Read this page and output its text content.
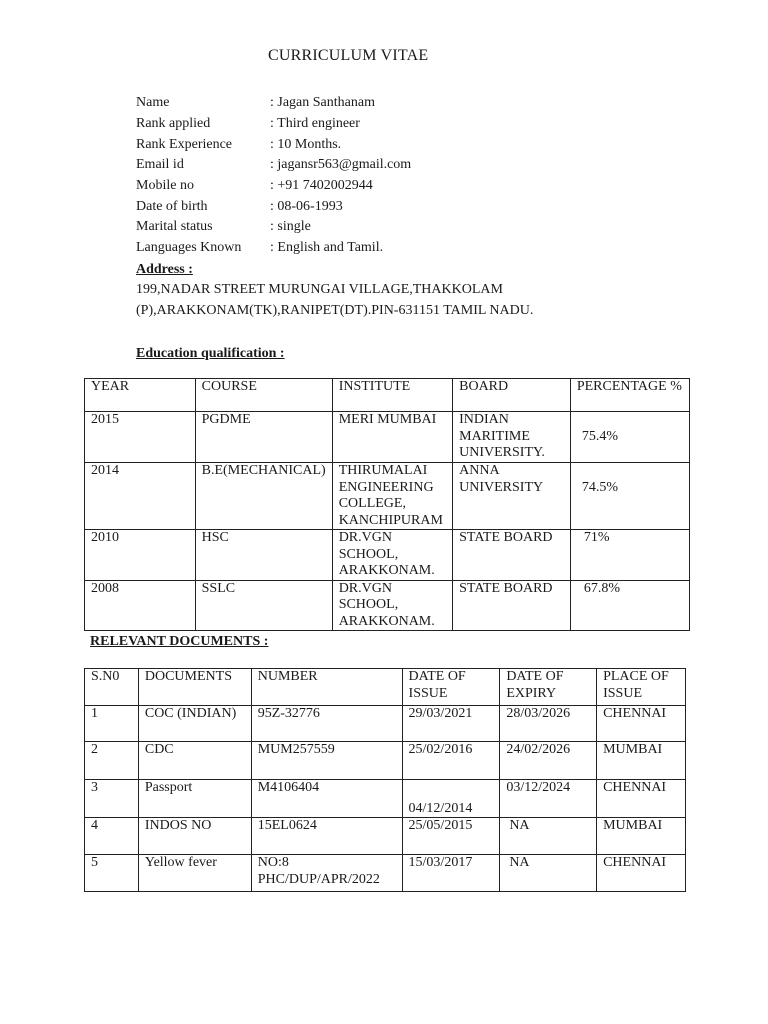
CURRICULUM VITAE
Name	: Jagan Santhanam
Rank applied	: Third engineer
Rank Experience	: 10 Months.
Email id	: jagansr563@gmail.com
Mobile no	: +91 7402002944
Date of birth	: 08-06-1993
Marital status	: single
Languages Known	: English and Tamil.
Address :
199,NADAR STREET MURUNGAI VILLAGE,THAKKOLAM
(P),ARAKKONAM(TK),RANIPET(DT).PIN-631151 TAMIL NADU.
Education qualification :
YEAR	COURSE	INSTITUTE	BOARD	PERCENTAGE %
2015	PGDME	MERI MUMBAI	INDIAN MARITIME UNIVERSITY.	75.4%
2014	B.E(MECHANICAL)	THIRUMALAI ENGINEERING COLLEGE, KANCHIPURAM	ANNA UNIVERSITY	74.5%
2010	HSC	DR.VGN SCHOOL, ARAKKONAM.	STATE BOARD	71%
2008	SSLC	DR.VGN SCHOOL, ARAKKONAM.	STATE BOARD	67.8%
RELEVANT DOCUMENTS :
S.N0	DOCUMENTS	NUMBER	DATE OF ISSUE	DATE OF EXPIRY	PLACE OF ISSUE
1	COC (INDIAN)	95Z-32776	29/03/2021	28/03/2026	CHENNAI
2	CDC	MUM257559	25/02/2016	24/02/2026	MUMBAI
3	Passport	M4106404	04/12/2014	03/12/2024	CHENNAI
4	INDOS NO	15EL0624	25/05/2015	NA	MUMBAI
5	Yellow fever	NO:8 PHC/DUP/APR/2022	15/03/2017	NA	CHENNAI
